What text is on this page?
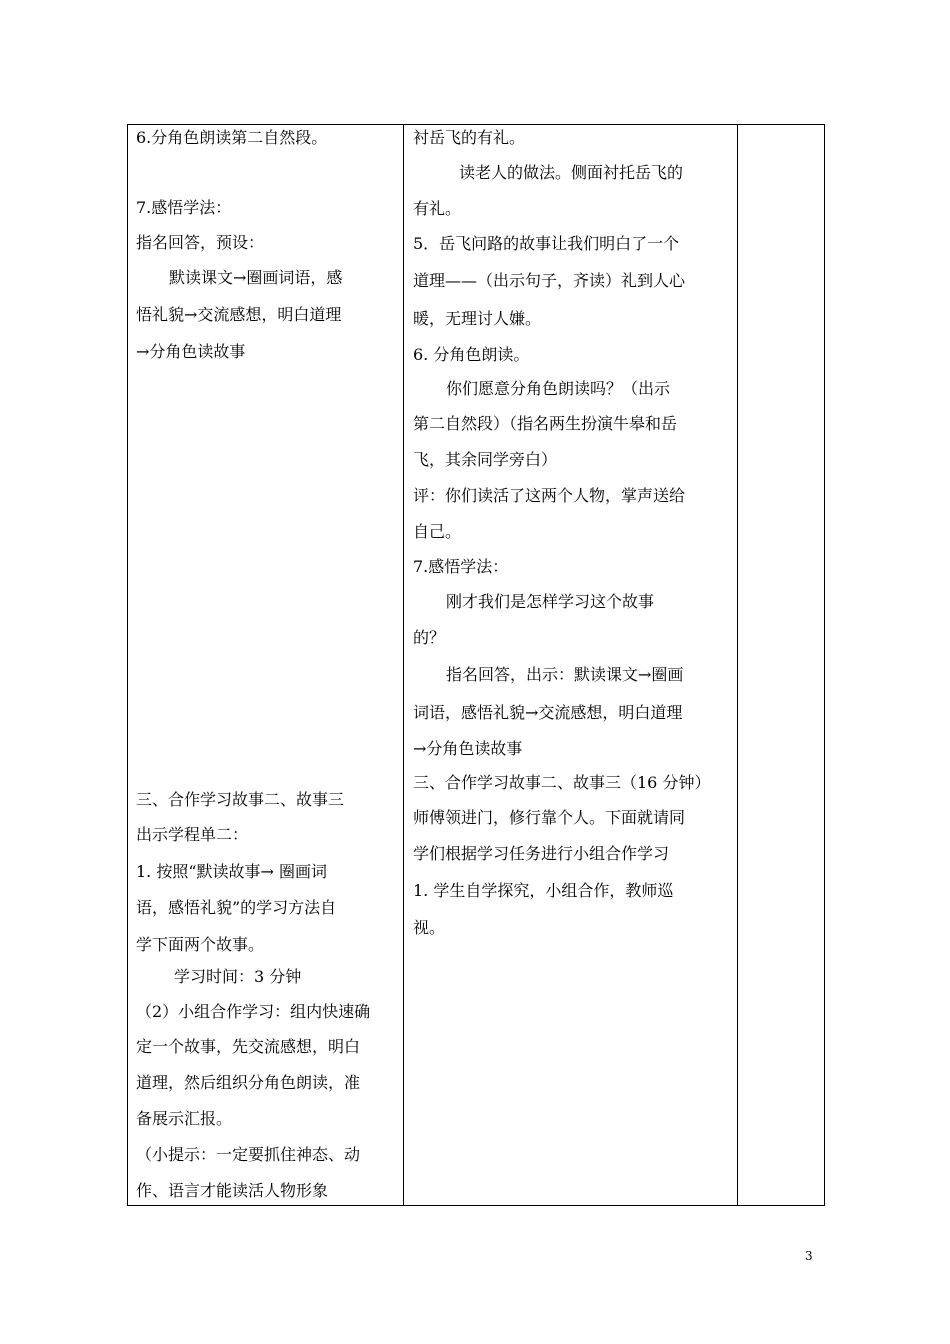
6.分角色朗读第二自然段。
7.感悟学法：
指名回答，预设：
默读课文→圈画词语，感
悟礼貌→交流感想，明白道理
→分角色读故事
三、合作学习故事二、故事三
出示学程单二：
1. 按照“默读故事→ 圈画词
语，感悟礼貌”的学习方法自
学下面两个故事。
学习时间：3 分钟
（2）小组合作学习：组内快速确
定一个故事，先交流感想，明白
道理，然后组织分角色朗读，准
备展示汇报。
（小提示：一定要抓住神态、动
作、语言才能读活人物形象
衬岳飞的有礼。
读老人的做法。侧面衬托岳飞的
有礼。
5．岳飞问路的故事让我们明白了一个
道理——（出示句子，齐读）礼到人心
暖，无理讨人嫌。
6. 分角色朗读。
你们愿意分角色朗读吗？（出示
第二自然段）（指名两生扮演牛皋和岳
飞，其余同学旁白）
评：你们读活了这两个人物，掌声送给
自己。
7.感悟学法：
刚才我们是怎样学习这个故事
的？
指名回答，出示：默读课文→圈画
词语，感悟礼貌→交流感想，明白道理
→分角色读故事
三、合作学习故事二、故事三（16 分钟）
师傅领进门，修行靠个人。下面就请同
学们根据学习任务进行小组合作学习
1. 学生自学探究，小组合作，教师巡
视。
3
